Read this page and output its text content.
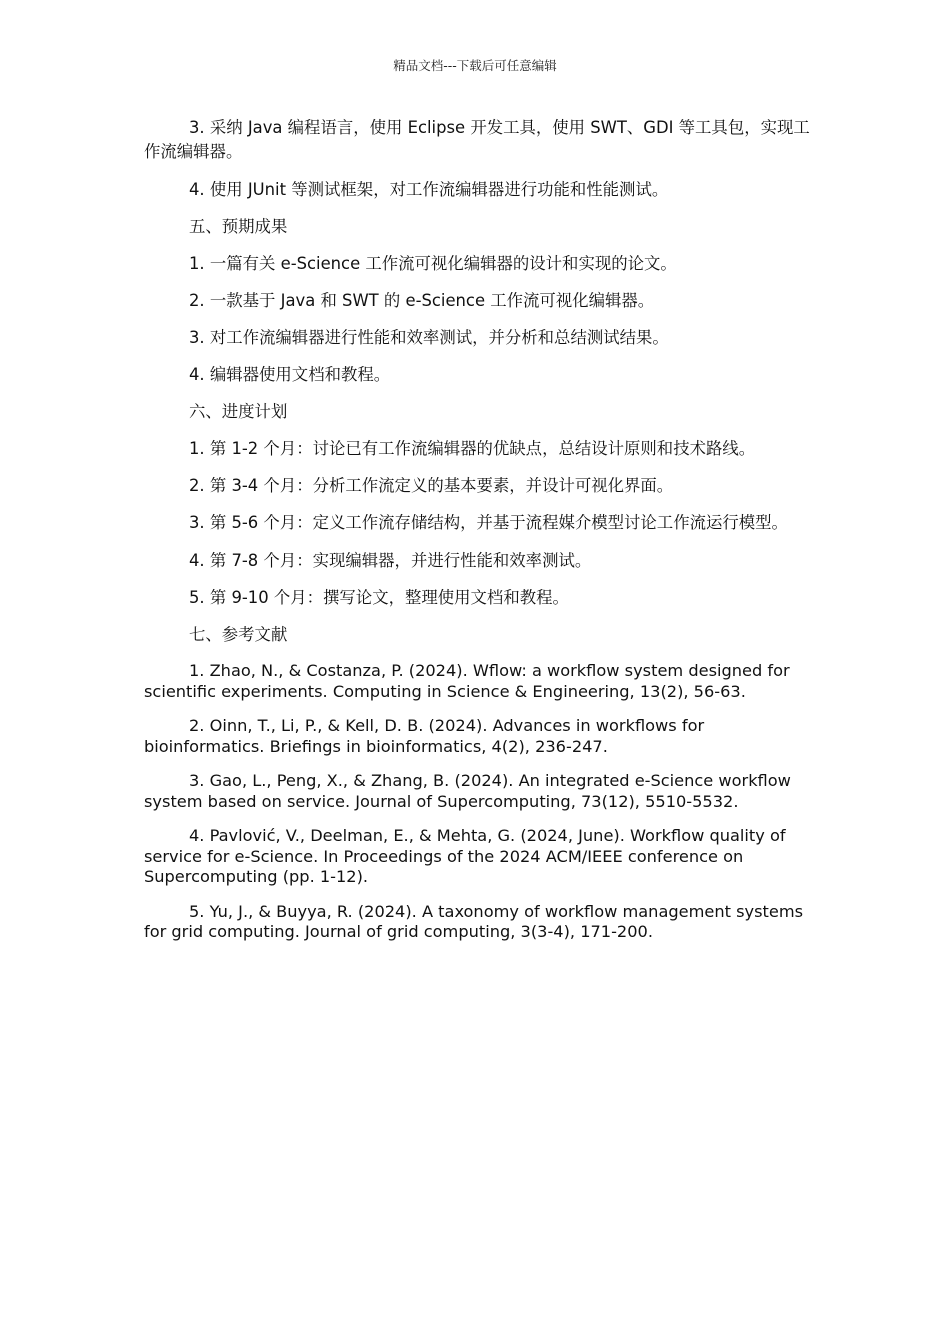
精品文档---下载后可任意编辑

3. 采纳 Java 编程语言，使用 Eclipse 开发工具，使用 SWT、GDI 等工具包，实现工作流编辑器。

4. 使用 JUnit 等测试框架，对工作流编辑器进行功能和性能测试。

五、预期成果

1. 一篇有关 e-Science 工作流可视化编辑器的设计和实现的论文。

2. 一款基于 Java 和 SWT 的 e-Science 工作流可视化编辑器。

3. 对工作流编辑器进行性能和效率测试，并分析和总结测试结果。

4. 编辑器使用文档和教程。

六、进度计划

1. 第 1-2 个月：讨论已有工作流编辑器的优缺点，总结设计原则和技术路线。

2. 第 3-4 个月：分析工作流定义的基本要素，并设计可视化界面。

3. 第 5-6 个月：定义工作流存储结构，并基于流程媒介模型讨论工作流运行模型。

4. 第 7-8 个月：实现编辑器，并进行性能和效率测试。

5. 第 9-10 个月：撰写论文，整理使用文档和教程。

七、参考文献

1. Zhao, N., & Costanza, P. (2024). Wflow: a workflow system designed for scientific experiments. Computing in Science & Engineering, 13(2), 56-63.

2. Oinn, T., Li, P., & Kell, D. B. (2024). Advances in workflows for bioinformatics. Briefings in bioinformatics, 4(2), 236-247.

3. Gao, L., Peng, X., & Zhang, B. (2024). An integrated e-Science workflow system based on service. Journal of Supercomputing, 73(12), 5510-5532.

4. Pavlović, V., Deelman, E., & Mehta, G. (2024, June). Workflow quality of service for e-Science. In Proceedings of the 2024 ACM/IEEE conference on Supercomputing (pp. 1-12).

5. Yu, J., & Buyya, R. (2024). A taxonomy of workflow management systems for grid computing. Journal of grid computing, 3(3-4), 171-200.
